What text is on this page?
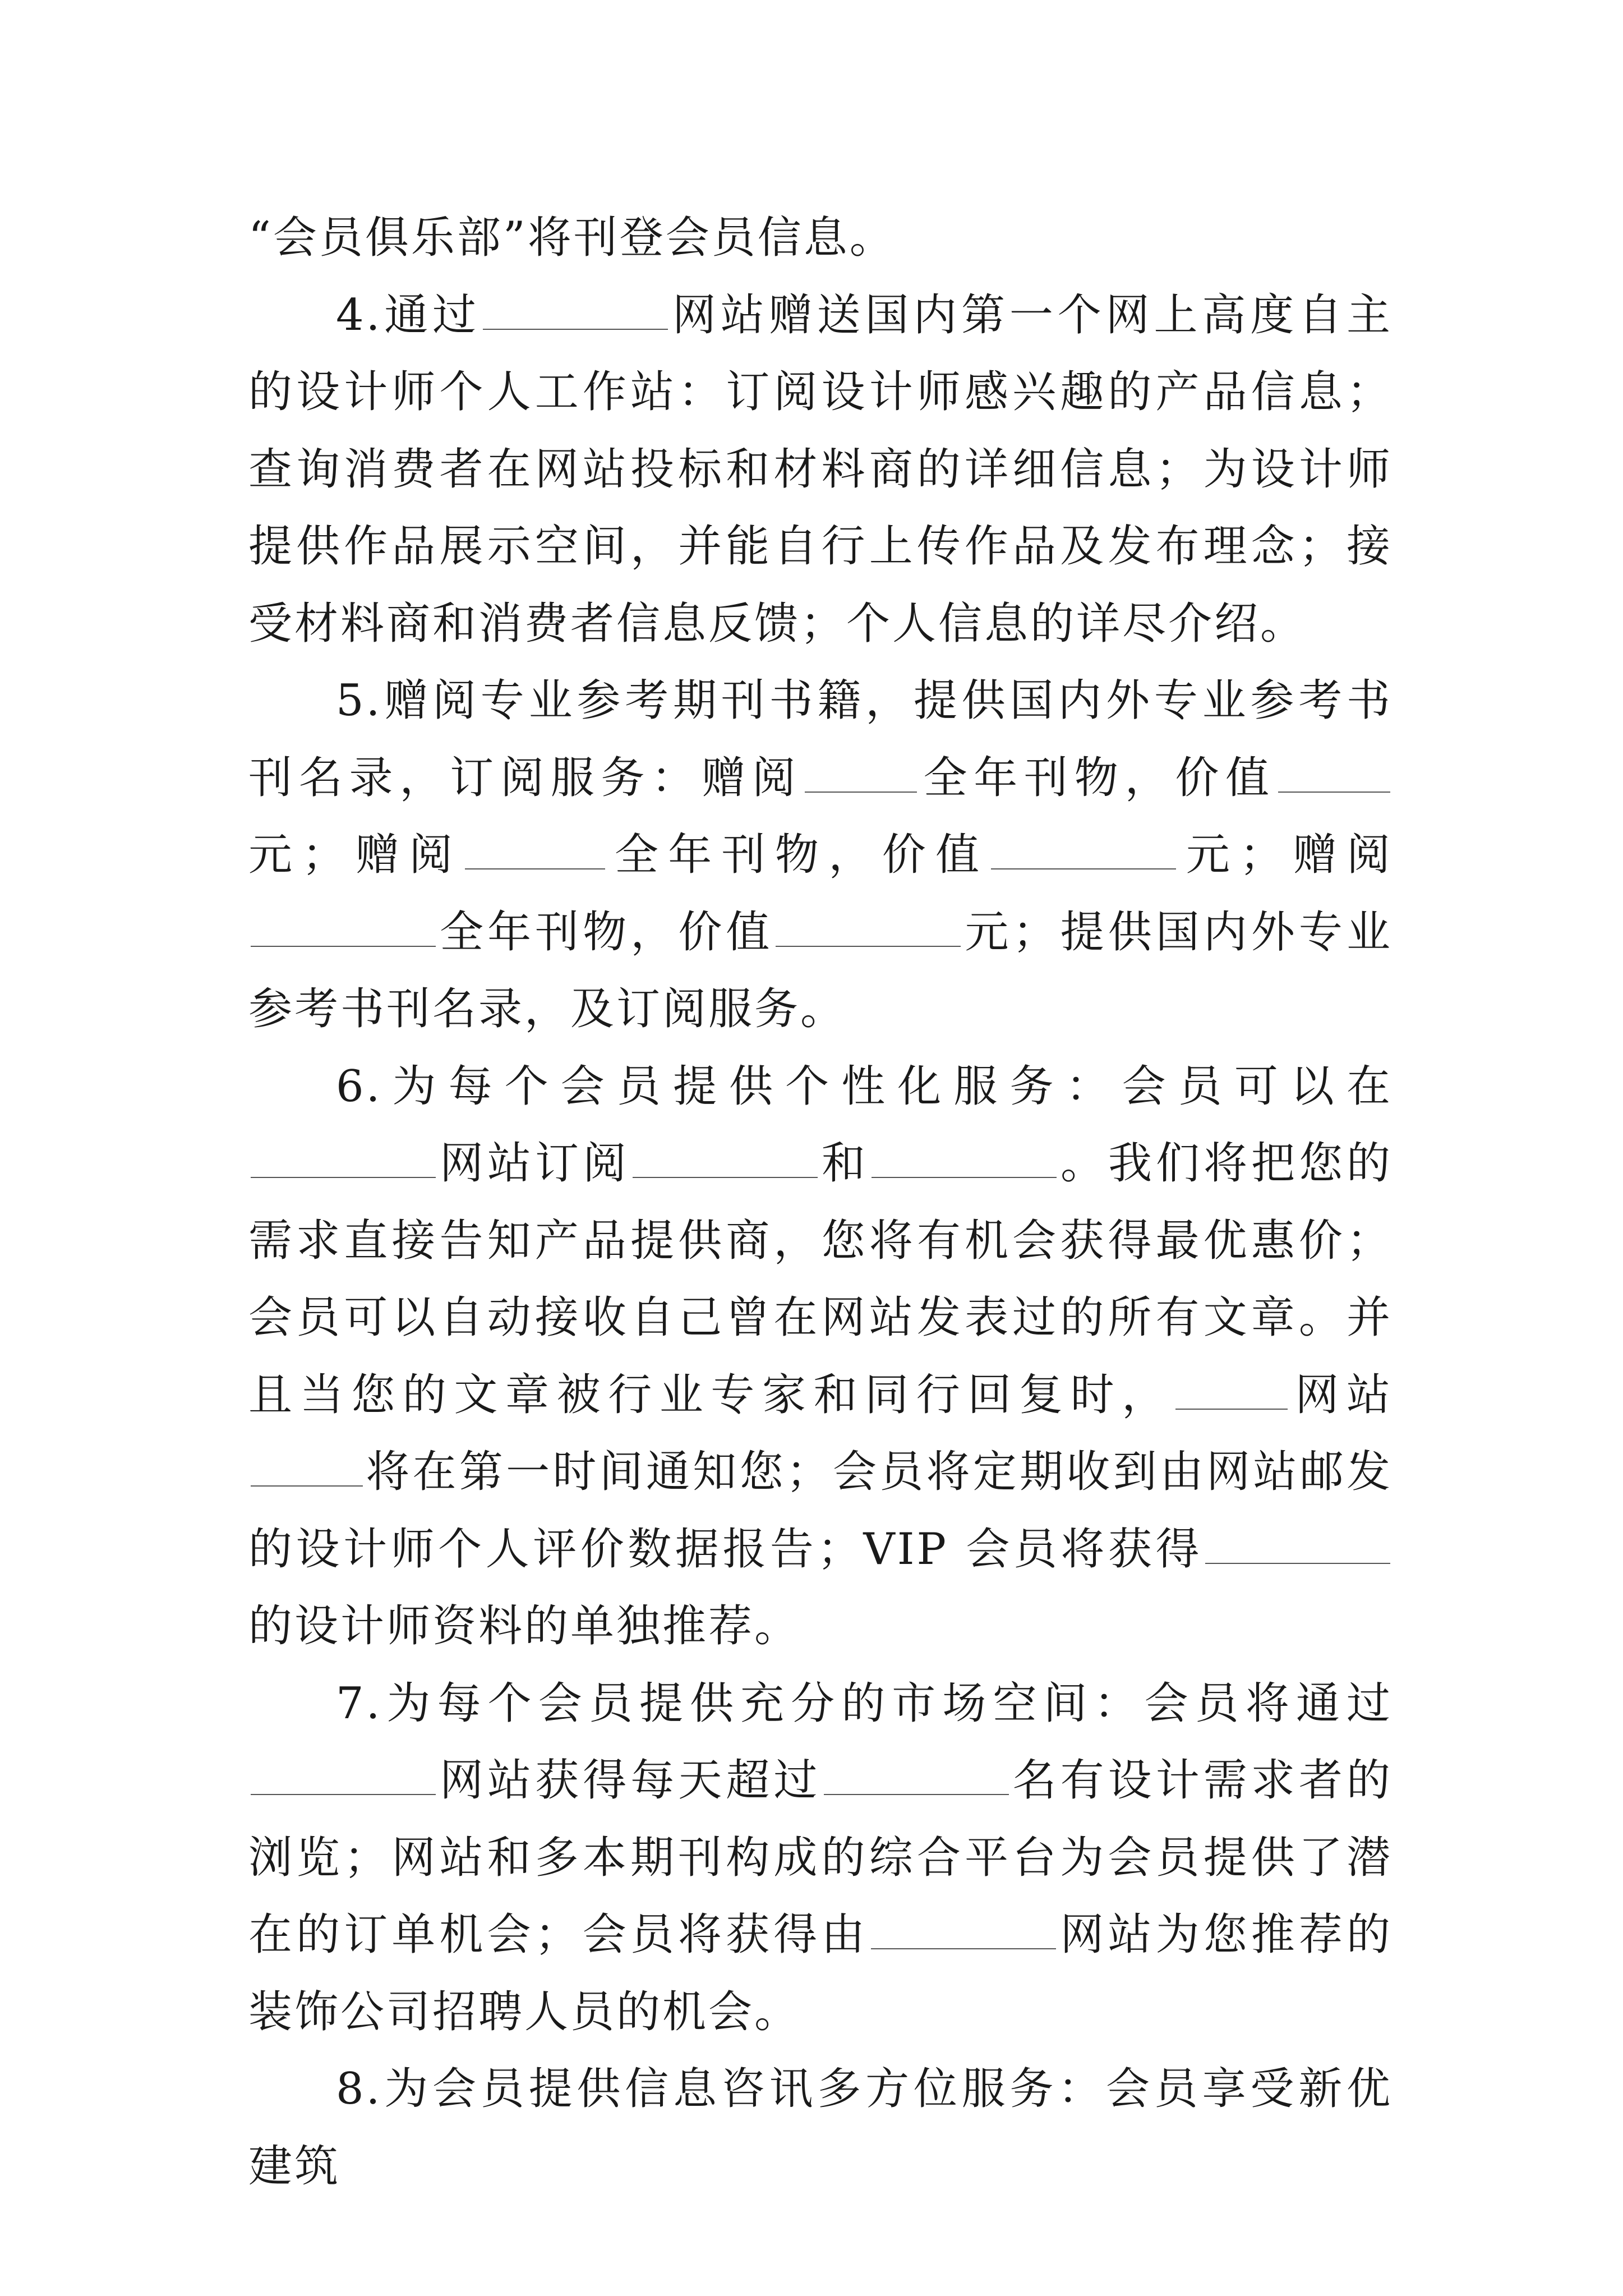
“会员俱乐部”将刊登会员信息。

4.通过	网站赠送国内第一个网上高度自主的设计师个人工作站：订阅设计师感兴趣的产品信息；查询消费者在网站投标和材料商的详细信息；为设计师提供作品展示空间，并能自行上传作品及发布理念；接受材料商和消费者信息反馈；个人信息的详尽介绍。

5.赠阅专业参考期刊书籍，提供国内外专业参考书刊名录，订阅服务：赠阅	全年刊物，价值元；赠阅	全年刊物，价值	元；赠阅全年刊物，价值	元；提供国内外专业参考书刊名录，及订阅服务。

6.为每个会员提供个性化服务：会员可以在网站订阅	和	。我们将把您的需求直接告知产品提供商，您将有机会获得最优惠价；会员可以自动接收自己曾在网站发表过的所有文章。并且当您的文章被行业专家和同行回复时，	网站将在第一时间通知您；会员将定期收到由网站邮发的设计师个人评价数据报告；VIP 会员将获得的设计师资料的单独推荐。

7.为每个会员提供充分的市场空间：会员将通过网站获得每天超过	名有设计需求者的浏览；网站和多本期刊构成的综合平台为会员提供了潜在的订单机会；会员将获得由	网站为您推荐的装饰公司招聘人员的机会。

8.为会员提供信息咨讯多方位服务：会员享受新优建筑
